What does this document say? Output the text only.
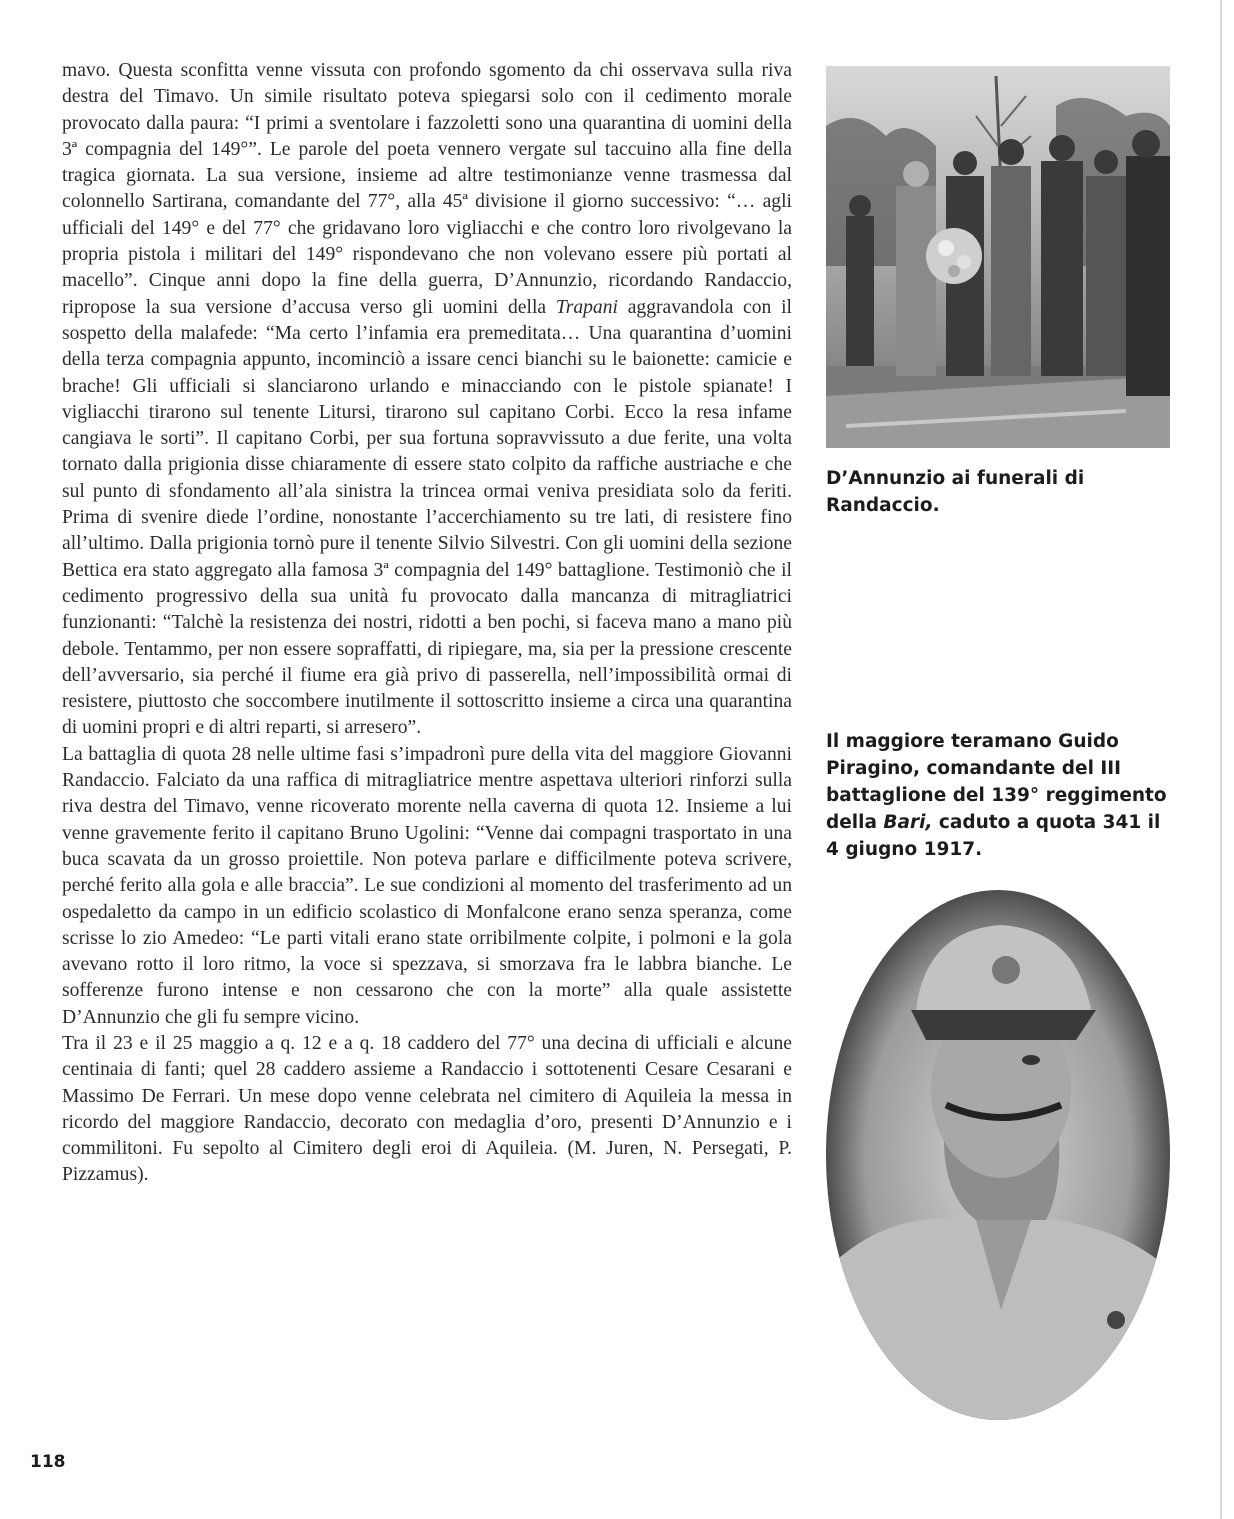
mavo. Questa sconfitta venne vissuta con profondo sgomento da chi osservava sulla riva destra del Timavo. Un simile risultato poteva spiegarsi solo con il cedimento morale provocato dalla paura: “I primi a sventolare i fazzoletti sono una quarantina di uomini della 3ª compagnia del 149°”. Le parole del poeta vennero vergate sul taccuino alla fine della tragica giornata. La sua versione, insieme ad altre testimonianze venne trasmessa dal colonnello Sartirana, comandante del 77°, alla 45ª divisione il giorno successivo: “… agli ufficiali del 149° e del 77° che gridavano loro vigliacchi e che contro loro rivolgevano la propria pistola i militari del 149° rispondevano che non volevano essere più portati al macello”. Cinque anni dopo la fine della guerra, D’Annunzio, ricordando Randaccio, ripropose la sua versione d’accusa verso gli uomini della Trapani aggravandola con il sospetto della malafede: “Ma certo l’infamia era premeditata… Una quarantina d’uomini della terza compagnia appunto, incominciò a issare cenci bianchi su le baionette: camicie e brache! Gli ufficiali si slanciarono urlando e minacciando con le pistole spianate! I vigliacchi tirarono sul tenente Litursi, tirarono sul capitano Corbi. Ecco la resa infame cangiava le sorti”. Il capitano Corbi, per sua fortuna sopravvissuto a due ferite, una volta tornato dalla prigionia disse chiaramente di essere stato colpito da raffiche austriache e che sul punto di sfondamento all’ala sinistra la trincea ormai veniva presidiata solo da feriti. Prima di svenire diede l’ordine, nonostante l’accerchiamento su tre lati, di resistere fino all’ultimo. Dalla prigionia tornò pure il tenente Silvio Silvestri. Con gli uomini della sezione Bettica era stato aggregato alla famosa 3ª compagnia del 149° battaglione. Testimoniò che il cedimento progressivo della sua unità fu provocato dalla mancanza di mitragliatrici funzionanti: “Talchè la resistenza dei nostri, ridotti a ben pochi, si faceva mano a mano più debole. Tentammo, per non essere sopraffatti, di ripiegare, ma, sia per la pressione crescente dell’avversario, sia perché il fiume era già privo di passerella, nell’impossibilità ormai di resistere, piuttosto che soccombere inutilmente il sottoscritto insieme a circa una quarantina di uomini propri e di altri reparti, si arresero”.

La battaglia di quota 28 nelle ultime fasi s’impadronì pure della vita del maggiore Giovanni Randaccio. Falciato da una raffica di mitragliatrice mentre aspettava ulteriori rinforzi sulla riva destra del Timavo, venne ricoverato morente nella caverna di quota 12. Insieme a lui venne gravemente ferito il capitano Bruno Ugolini: “Venne dai compagni trasportato in una buca scavata da un grosso proiettile. Non poteva parlare e difficilmente poteva scrivere, perché ferito alla gola e alle braccia”. Le sue condizioni al momento del trasferimento ad un ospedaletto da campo in un edificio scolastico di Monfalcone erano senza speranza, come scrisse lo zio Amedeo: “Le parti vitali erano state orribilmente colpite, i polmoni e la gola avevano rotto il loro ritmo, la voce si spezzava, si smorzava fra le labbra bianche. Le sofferenze furono intense e non cessarono che con la morte” alla quale assistette D’Annunzio che gli fu sempre vicino.

Tra il 23 e il 25 maggio a q. 12 e a q. 18 caddero del 77° una decina di ufficiali e alcune centinaia di fanti; quel 28 caddero assieme a Randaccio i sottotenenti Cesare Cesarani e Massimo De Ferrari. Un mese dopo venne celebrata nel cimitero di Aquileia la messa in ricordo del maggiore Randaccio, decorato con medaglia d’oro, presenti D’Annunzio e i commilitoni. Fu sepolto al Cimitero degli eroi di Aquileia. (M. Juren, N. Persegati, P. Pizzamus).

D’Annunzio ai funerali di Randaccio.
Il maggiore teramano Guido Piragino, comandante del III battaglione del 139° reggimento della Bari, caduto a quota 341 il 4 giugno 1917.
118
